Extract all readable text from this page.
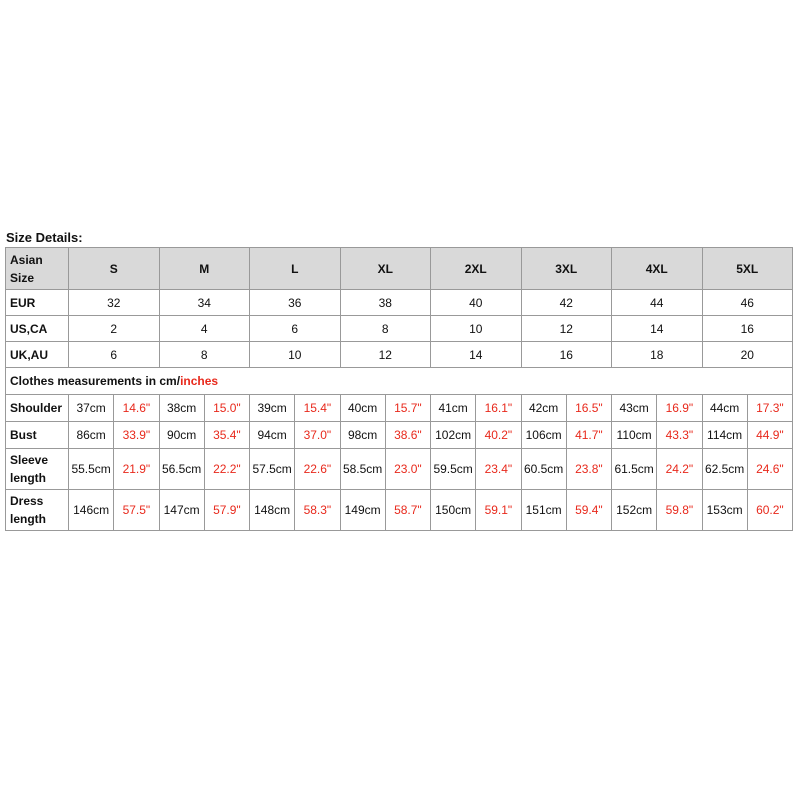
Size Details:
Asian Size	S		M		L		XL		2XL		3XL		4XL		5XL	
EUR	32		34		36		38		40		42		44		46	
US,CA	2		4		6		8		10		12		14		16	
UK,AU	6		8		10		12		14		16		18		20	
Clothes measurements in cm/inches																
Shoulder	37cm	14.6"	38cm	15.0"	39cm	15.4"	40cm	15.7"	41cm	16.1"	42cm	16.5"	43cm	16.9"	44cm	17.3"
Bust	86cm	33.9"	90cm	35.4"	94cm	37.0"	98cm	38.6"	102cm	40.2"	106cm	41.7"	110cm	43.3"	114cm	44.9"
Sleeve length	55.5cm	21.9"	56.5cm	22.2"	57.5cm	22.6"	58.5cm	23.0"	59.5cm	23.4"	60.5cm	23.8"	61.5cm	24.2"	62.5cm	24.6"
Dress length	146cm	57.5"	147cm	57.9"	148cm	58.3"	149cm	58.7"	150cm	59.1"	151cm	59.4"	152cm	59.8"	153cm	60.2"
